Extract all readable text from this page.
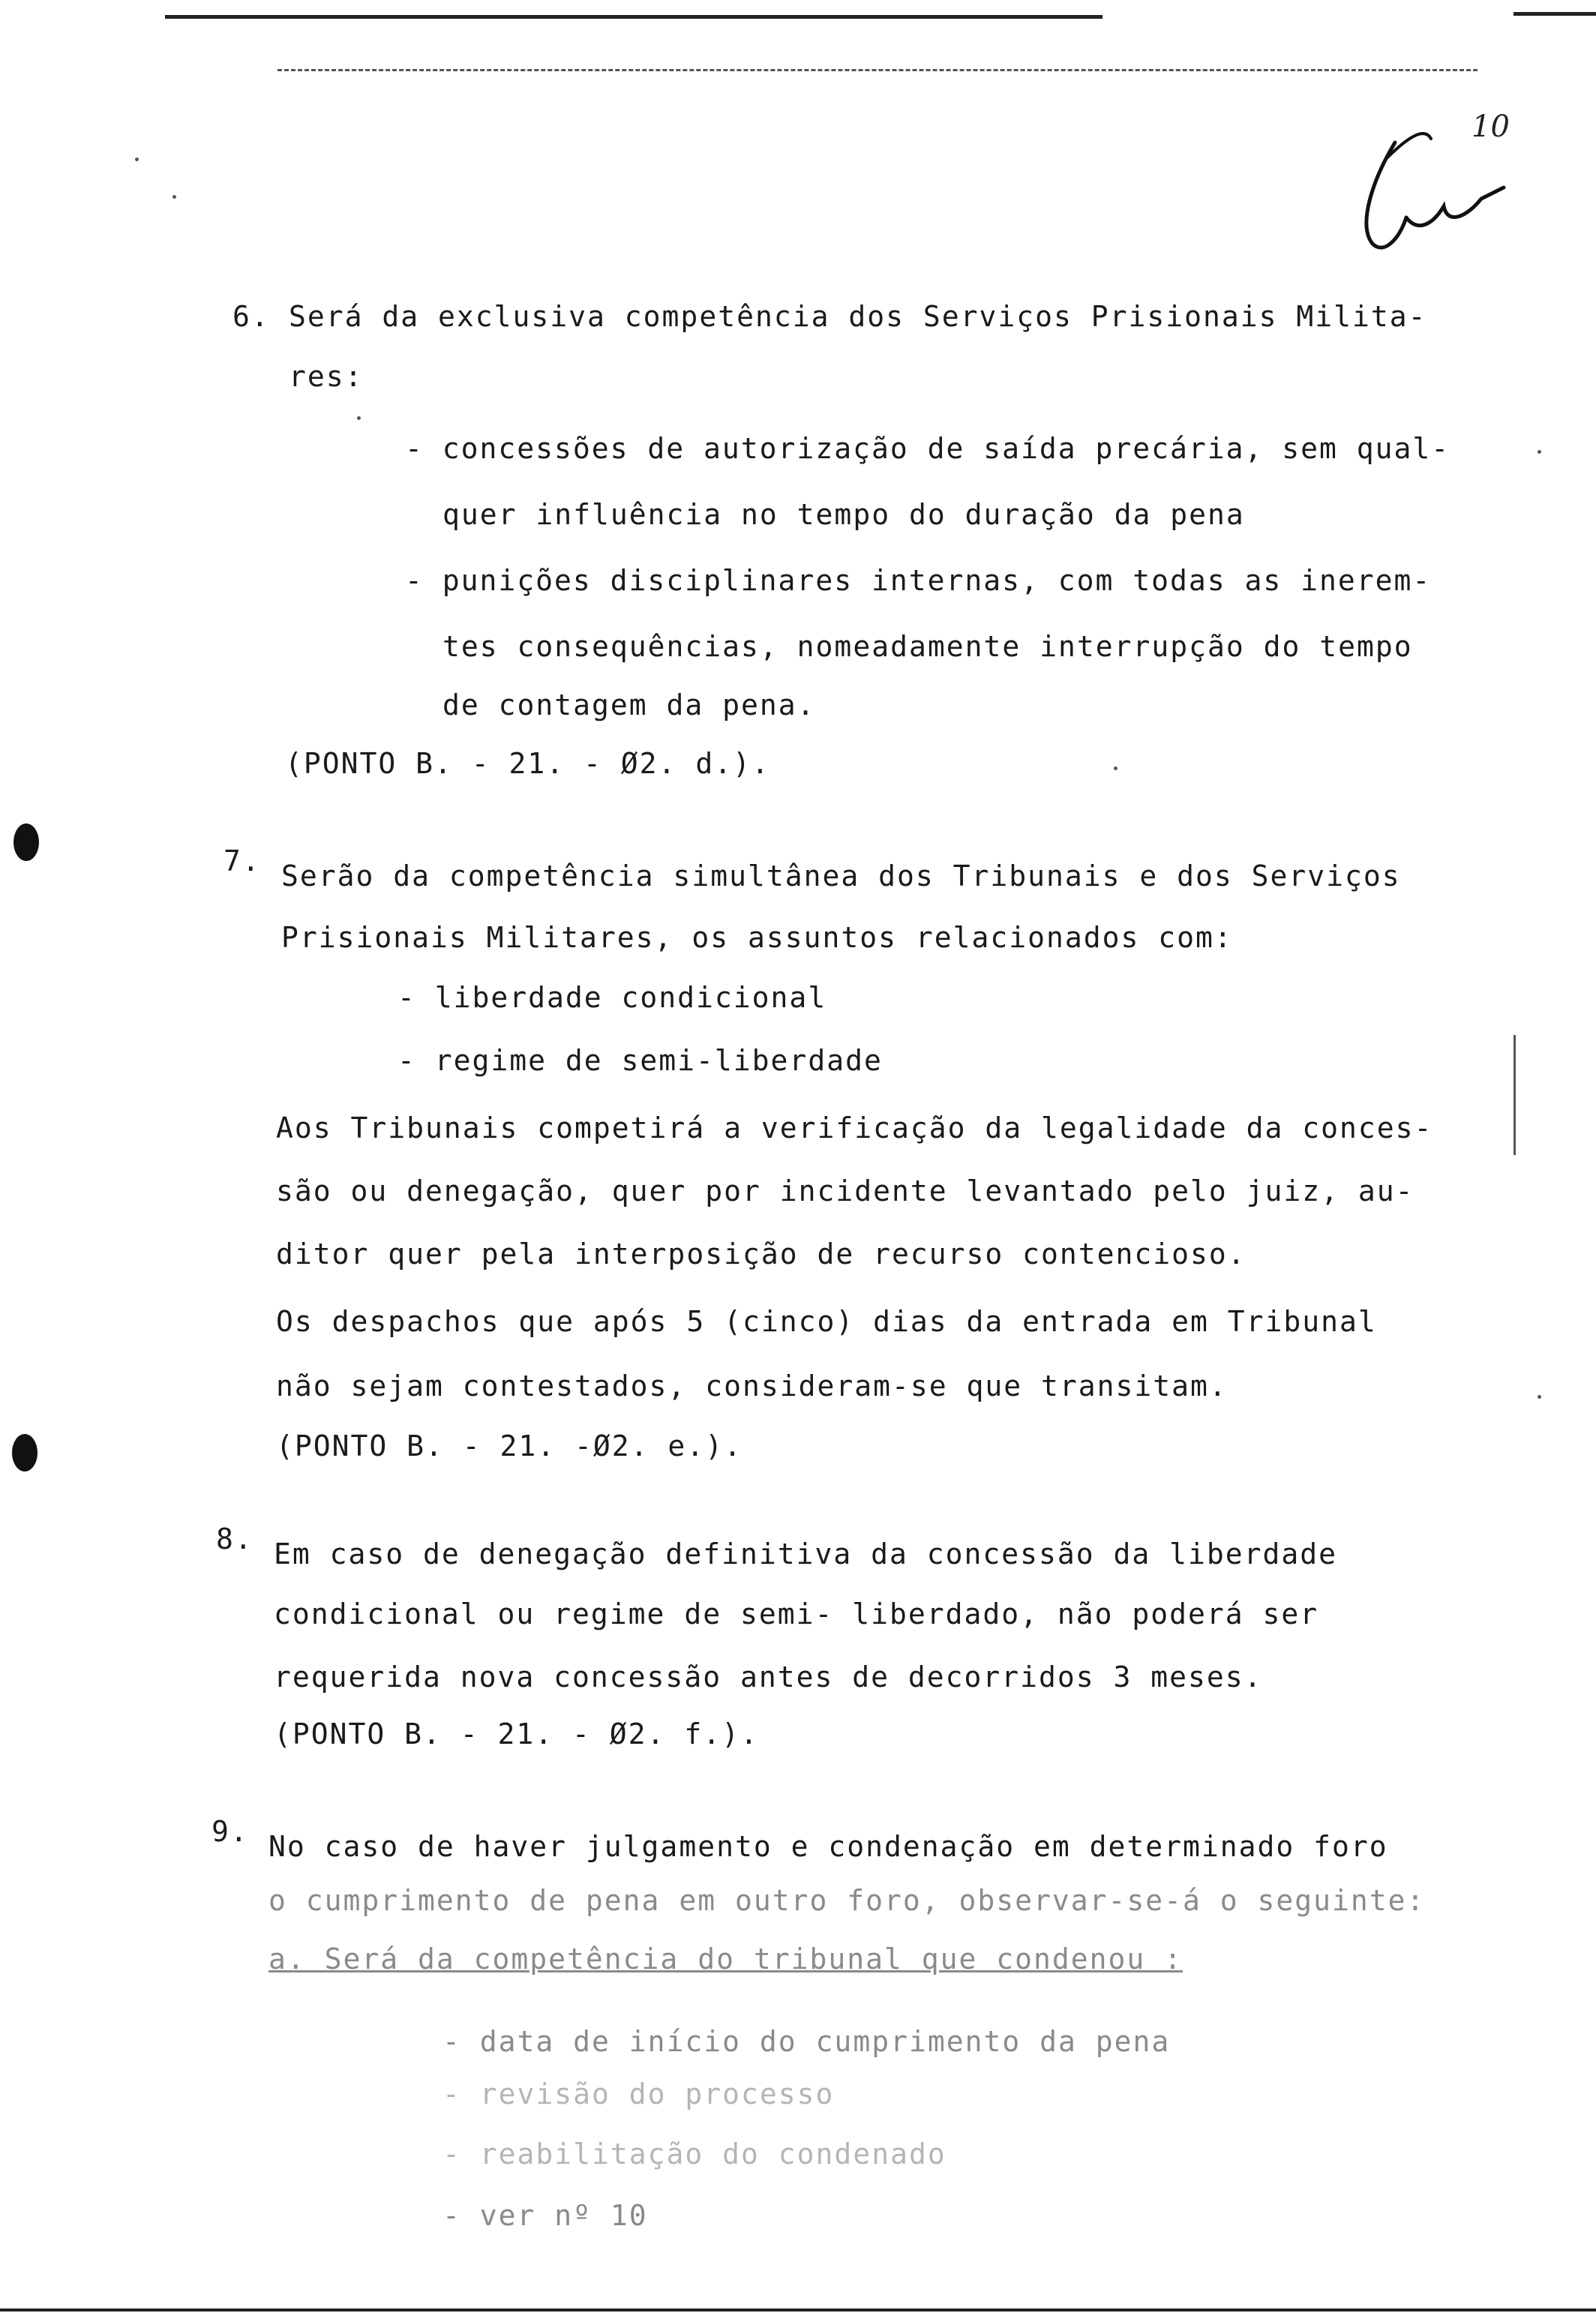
10
6. Será da exclusiva competência dos Serviços Prisionais Milita-
res:
- concessões de autorização de saída precária, sem qual-
quer influência no tempo do duração da pena
- punições disciplinares internas, com todas as inerem-
tes consequências, nomeadamente interrupção do tempo
de contagem da pena.
(PONTO B. - 21. - Ø2. d.).
7. Serão da competência simultânea dos Tribunais e dos Serviços
Prisionais Militares, os assuntos relacionados com:
- liberdade condicional
- regime de semi-liberdade
Aos Tribunais competirá a verificação da legalidade da conces-
são ou denegação, quer por incidente levantado pelo juiz, au-
ditor quer pela interposição de recurso contencioso.
Os despachos que após 5 (cinco) dias da entrada em Tribunal
não sejam contestados, consideram-se que transitam.
(PONTO B. - 21. -Ø2. e.).
8. Em caso de denegação definitiva da concessão da liberdade
condicional ou regime de semi- liberdado, não poderá ser
requerida nova concessão antes de decorridos 3 meses.
(PONTO B. - 21. - Ø2. f.).
9. No caso de haver julgamento e condenação em determinado foro
o cumprimento de pena em outro foro, observar-se-á o seguinte:
a. Será da competência do tribunal que condenou :
- data de início do cumprimento da pena
- revisão do processo
- reabilitação do condenado
- ver nº 10
